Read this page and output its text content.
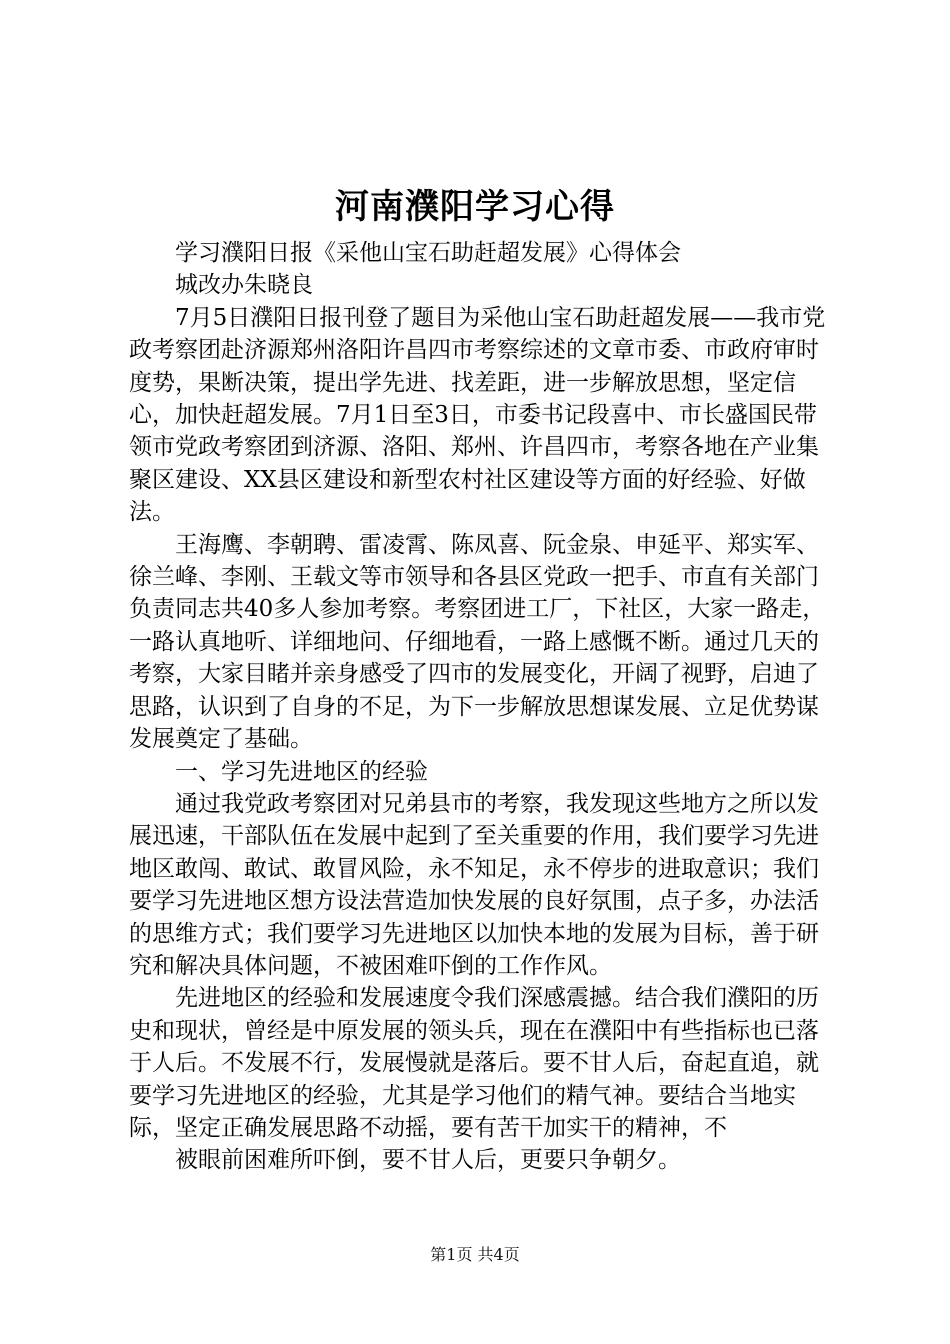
河南濮阳学习心得

学习濮阳日报《采他山宝石助赶超发展》心得体会

城改办朱晓良

7月5日濮阳日报刊登了题目为采他山宝石助赶超发展——我市党政考察团赴济源郑州洛阳许昌四市考察综述的文章市委、市政府审时度势，果断决策，提出学先进、找差距，进一步解放思想，坚定信心，加快赶超发展。7月1日至3日，市委书记段喜中、市长盛国民带领市党政考察团到济源、洛阳、郑州、许昌四市，考察各地在产业集聚区建设、XX县区建设和新型农村社区建设等方面的好经验、好做法。

王海鹰、李朝聘、雷凌霄、陈凤喜、阮金泉、申延平、郑实军、徐兰峰、李刚、王载文等市领导和各县区党政一把手、市直有关部门负责同志共40多人参加考察。考察团进工厂，下社区，大家一路走，一路认真地听、详细地问、仔细地看，一路上感慨不断。通过几天的考察，大家目睹并亲身感受了四市的发展变化，开阔了视野，启迪了思路，认识到了自身的不足，为下一步解放思想谋发展、立足优势谋发展奠定了基础。

一、学习先进地区的经验

通过我党政考察团对兄弟县市的考察，我发现这些地方之所以发展迅速，干部队伍在发展中起到了至关重要的作用，我们要学习先进地区敢闯、敢试、敢冒风险，永不知足，永不停步的进取意识；我们要学习先进地区想方设法营造加快发展的良好氛围，点子多，办法活的思维方式；我们要学习先进地区以加快本地的发展为目标，善于研究和解决具体问题，不被困难吓倒的工作作风。

先进地区的经验和发展速度令我们深感震撼。结合我们濮阳的历史和现状，曾经是中原发展的领头兵，现在在濮阳中有些指标也已落于人后。不发展不行，发展慢就是落后。要不甘人后，奋起直追，就要学习先进地区的经验，尤其是学习他们的精气神。要结合当地实际，坚定正确发展思路不动摇，要有苦干加实干的精神，不

被眼前困难所吓倒，要不甘人后，更要只争朝夕。

第1页 共4页
